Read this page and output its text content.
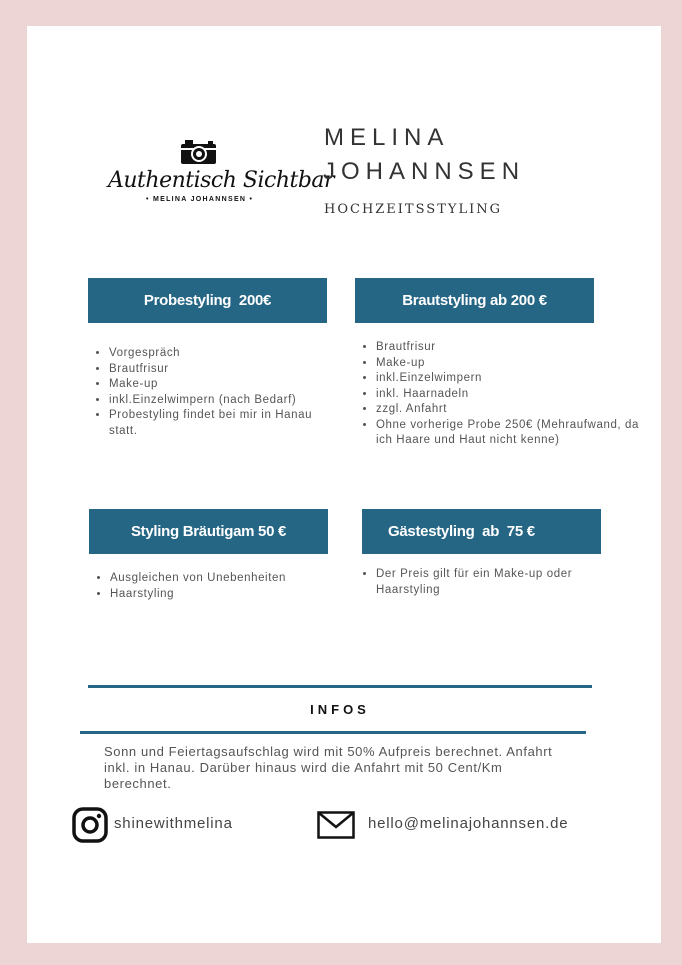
Authentisch Sichtbar
• MELINA JOHANNSEN •
MELINA
JOHANNSEN
HOCHZEITSSTYLING
Probestyling  200€	Brautstyling ab 200 €
Styling Bräutigam 50 €	Gästestyling  ab  75 €
• Vorgespräch
• Brautfrisur
• Make-up
• inkl.Einzelwimpern (nach Bedarf)
• Probestyling findet bei mir in Hanau statt.
• Brautfrisur
• Make-up
• inkl.Einzelwimpern
• inkl. Haarnadeln
• zzgl. Anfahrt
• Ohne vorherige Probe 250€ (Mehraufwand, da ich Haare und Haut nicht kenne)
• Ausgleichen von Unebenheiten
• Haarstyling
• Der Preis gilt für ein Make-up oder Haarstyling
INFOS
Sonn und Feiertagsaufschlag wird mit 50% Aufpreis berechnet. Anfahrt inkl. in Hanau. Darüber hinaus wird die Anfahrt mit 50 Cent/Km berechnet.
shinewithmelina	hello@melinajohannsen.de
